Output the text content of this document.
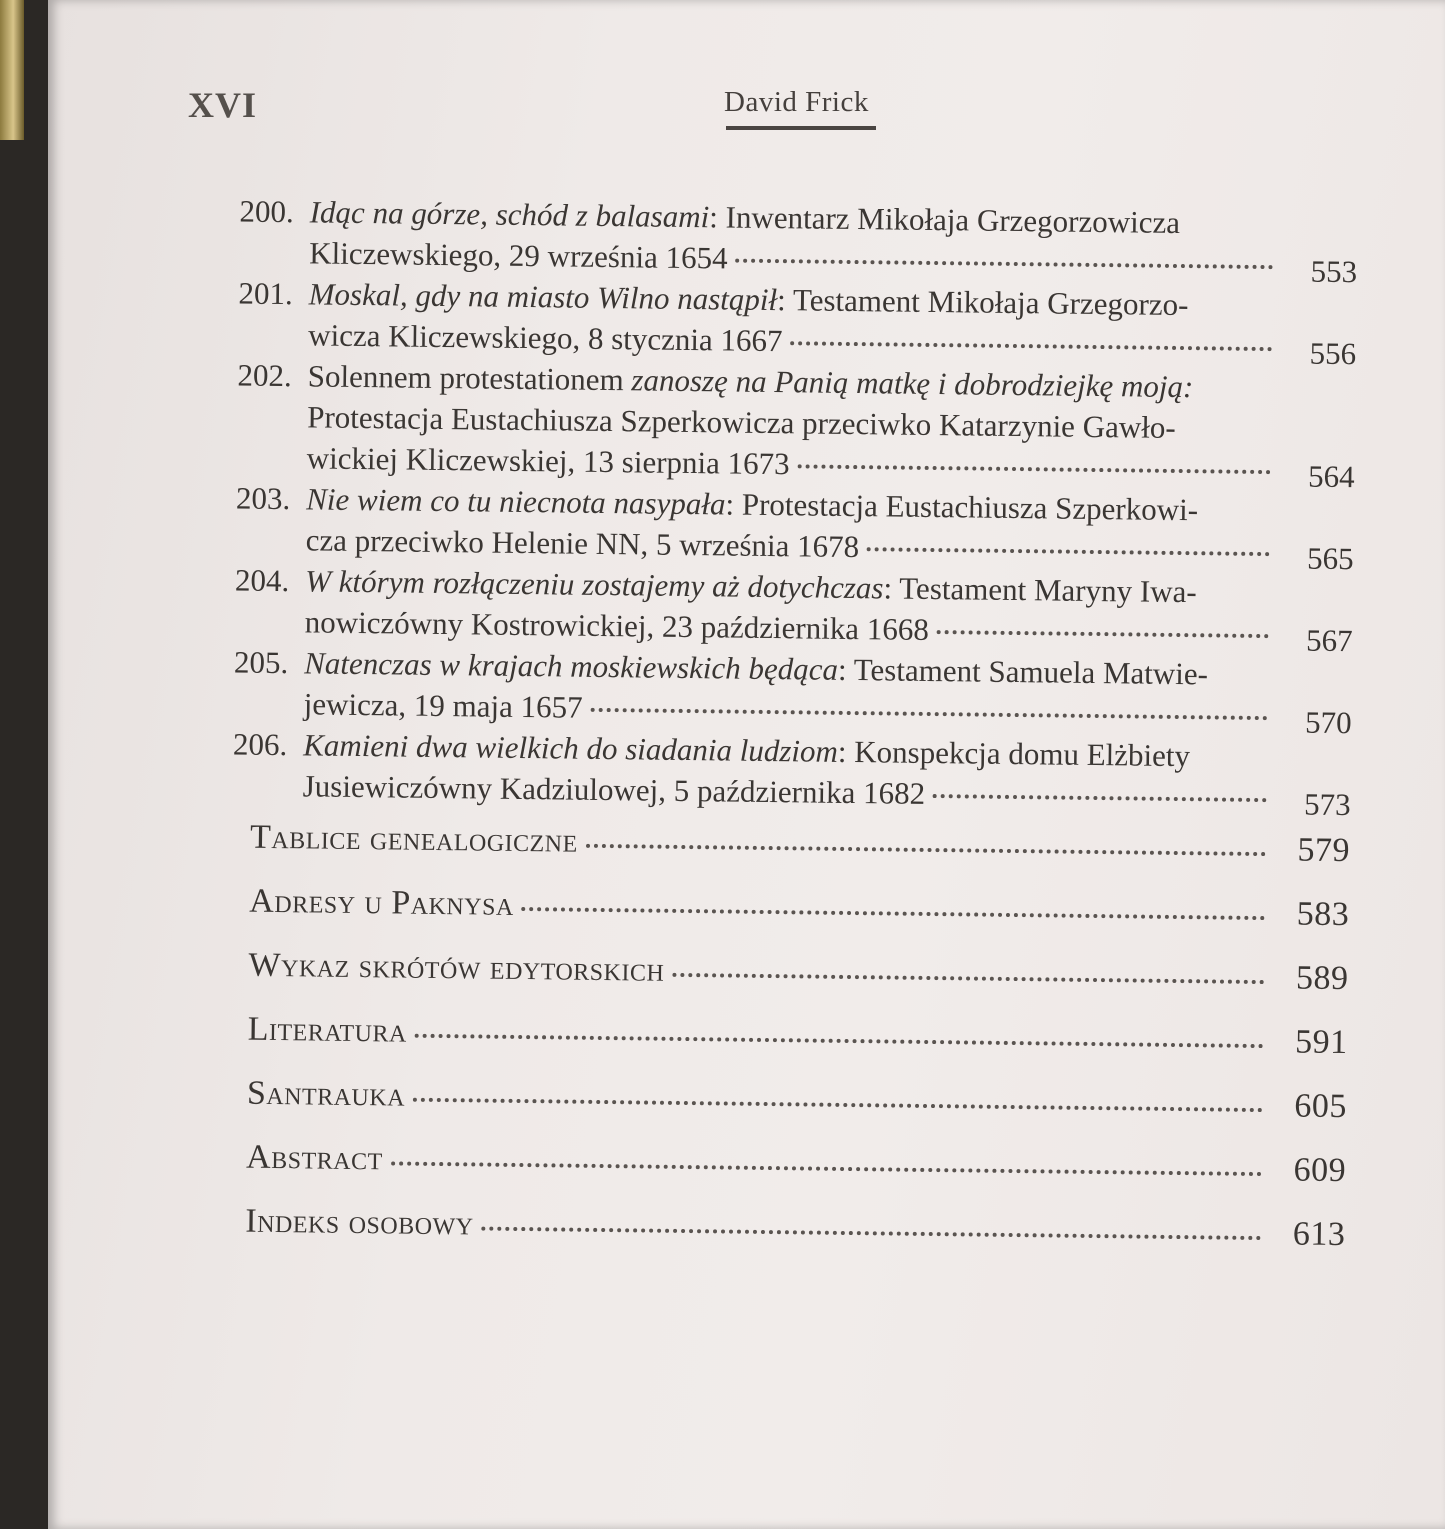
XVI	David Frick
200. Idąc na górze, schód z balasami : Inwentarz Mikołaja Grzegorzowicza
Kliczewskiego, 29 września 1654	553
201. Moskal, gdy na miasto Wilno nastąpił : Testament Mikołaja Grzegorzo-
wicza Kliczewskiego, 8 stycznia 1667	556
202. Solennem protestationem
zanoszę na Panią matkę i dobrodziejkę moją:
Protestacja Eustachiusza Szperkowicza przeciwko Katarzynie Gawło-
wickiej Kliczewskiej, 13 sierpnia 1673	564
203. Nie wiem co tu niecnota nasypała : Protestacja Eustachiusza Szperkowi-
cza przeciwko Helenie NN, 5 września 1678	565
204. W którym rozłączeniu zostajemy aż dotychczas : Testament Maryny Iwa-
nowiczówny Kostrowickiej, 23 października 1668	567
205. Natenczas w krajach moskiewskich będąca : Testament Samuela Matwie-
jewicza, 19 maja 1657	570
206. Kamieni dwa wielkich do siadania ludziom : Konspekcja domu Elżbiety
Jusiewiczówny Kadziulowej, 5 października 1682	573
Tablice genealogiczne	579
Adresy u Paknysa	583
Wykaz skrótów edytorskich	589
Literatura	591
Santrauka	605
Abstract	609
Indeks osobowy	613
